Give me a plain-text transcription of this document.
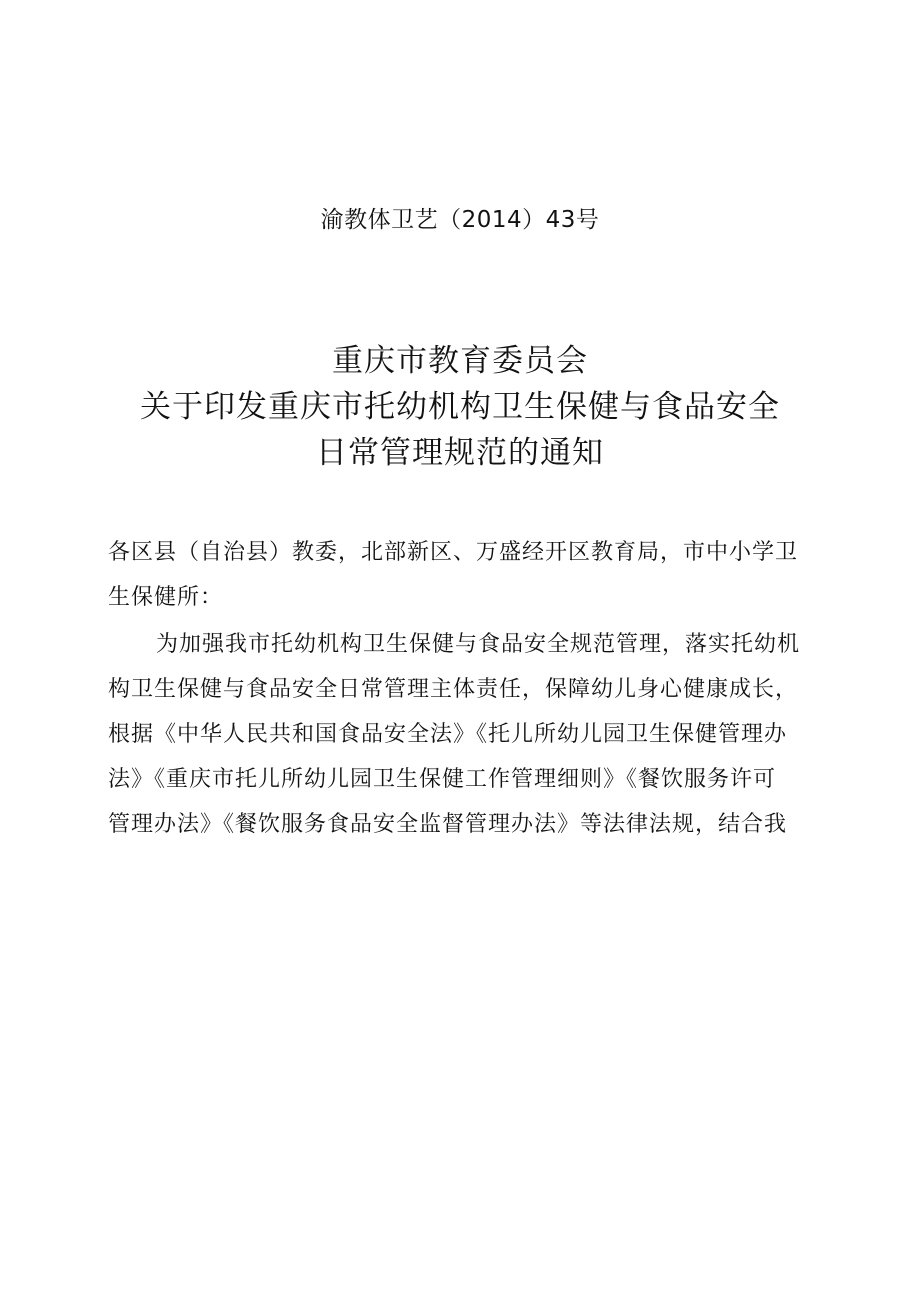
渝教体卫艺（2014）43号
重庆市教育委员会
关于印发重庆市托幼机构卫生保健与食品安全
日常管理规范的通知
各区县（自治县）教委，北部新区、万盛经开区教育局，市中小学卫
生保健所：
为加强我市托幼机构卫生保健与食品安全规范管理，落实托幼机
构卫生保健与食品安全日常管理主体责任，保障幼儿身心健康成长，
根据《中华人民共和国食品安全法》《托儿所幼儿园卫生保健管理办
法》《重庆市托儿所幼儿园卫生保健工作管理细则》《餐饮服务许可
管理办法》《餐饮服务食品安全监督管理办法》等法律法规，结合我
